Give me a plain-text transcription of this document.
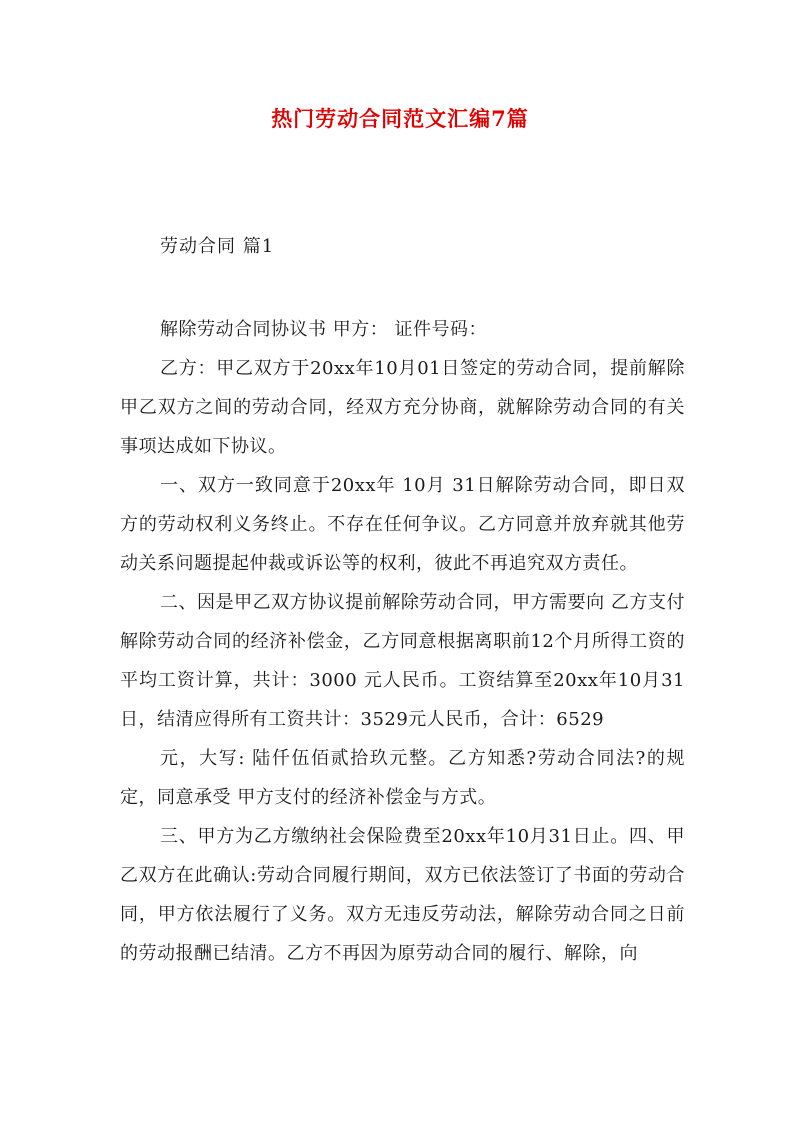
热门劳动合同范文汇编7篇
劳动合同 篇1

解除劳动合同协议书 甲方： 证件号码：

乙方：甲乙双方于20xx年10月01日签定的劳动合同，提前解除甲乙双方之间的劳动合同，经双方充分协商，就解除劳动合同的有关事项达成如下协议。

一、双方一致同意于20xx年 10月 31日解除劳动合同，即日双方的劳动权利义务终止。不存在任何争议。乙方同意并放弃就其他劳动关系问题提起仲裁或诉讼等的权利，彼此不再追究双方责任。

二、因是甲乙双方协议提前解除劳动合同，甲方需要向 乙方支付解除劳动合同的经济补偿金，乙方同意根据离职前12个月所得工资的平均工资计算，共计：3000 元人民币。工资结算至20xx年10月31日，结清应得所有工资共计：3529元人民币，合计：6529

元，大写: 陆仟伍佰贰拾玖元整。乙方知悉?劳动合同法?的规定，同意承受 甲方支付的经济补偿金与方式。

三、甲方为乙方缴纳社会保险费至20xx年10月31日止。四、甲乙双方在此确认:劳动合同履行期间，双方已依法签订了书面的劳动合同，甲方依法履行了义务。双方无违反劳动法，解除劳动合同之日前的劳动报酬已结清。乙方不再因为原劳动合同的履行、解除，向
